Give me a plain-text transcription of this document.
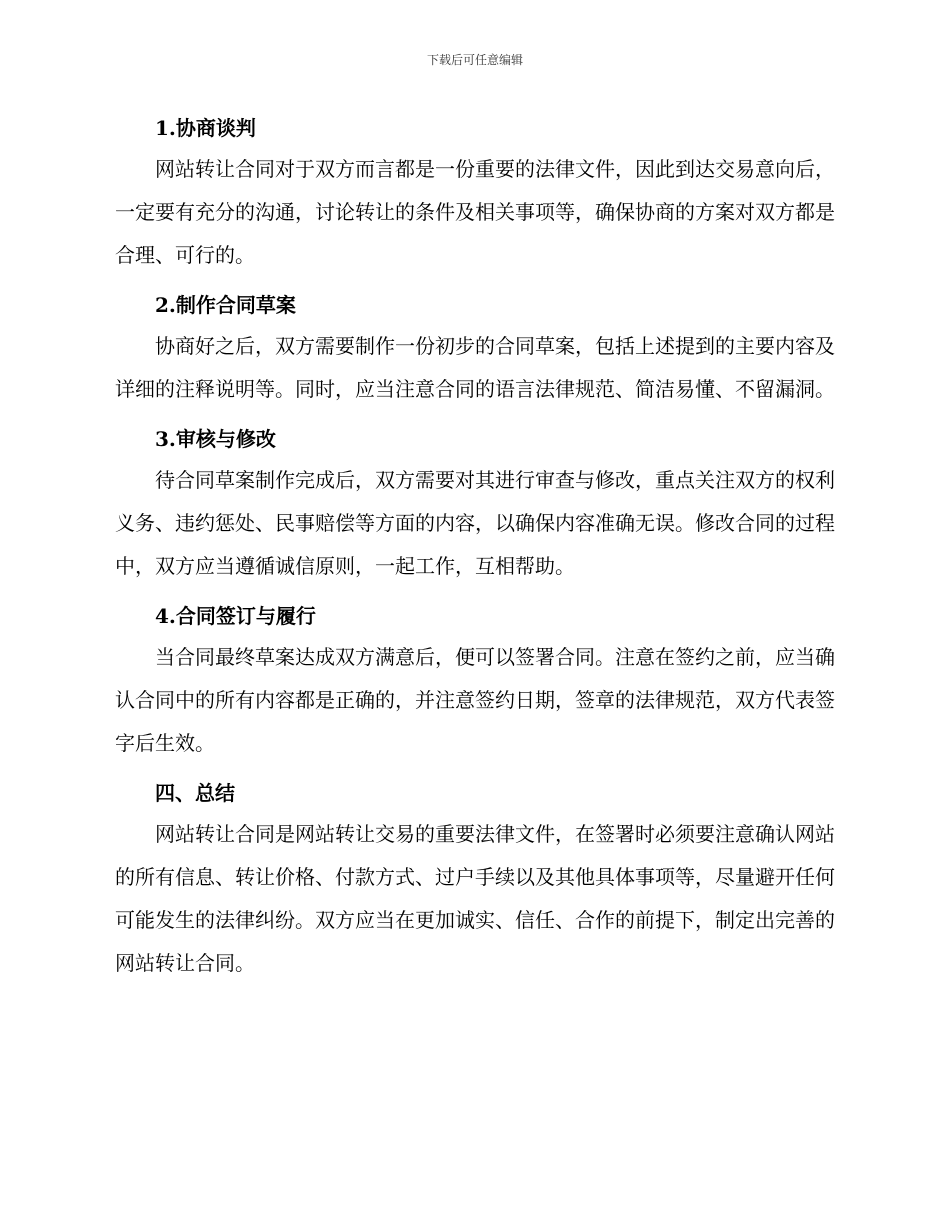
下载后可任意编辑
1.协商谈判

网站转让合同对于双方而言都是一份重要的法律文件，因此到达交易意向后，一定要有充分的沟通，讨论转让的条件及相关事项等，确保协商的方案对双方都是合理、可行的。

2.制作合同草案

协商好之后，双方需要制作一份初步的合同草案，包括上述提到的主要内容及详细的注释说明等。同时，应当注意合同的语言法律规范、简洁易懂、不留漏洞。

3.审核与修改

待合同草案制作完成后，双方需要对其进行审查与修改，重点关注双方的权利义务、违约惩处、民事赔偿等方面的内容，以确保内容准确无误。修改合同的过程中，双方应当遵循诚信原则，一起工作，互相帮助。

4.合同签订与履行

当合同最终草案达成双方满意后，便可以签署合同。注意在签约之前，应当确认合同中的所有内容都是正确的，并注意签约日期，签章的法律规范，双方代表签字后生效。

四、总结

网站转让合同是网站转让交易的重要法律文件，在签署时必须要注意确认网站的所有信息、转让价格、付款方式、过户手续以及其他具体事项等，尽量避开任何可能发生的法律纠纷。双方应当在更加诚实、信任、合作的前提下，制定出完善的网站转让合同。
